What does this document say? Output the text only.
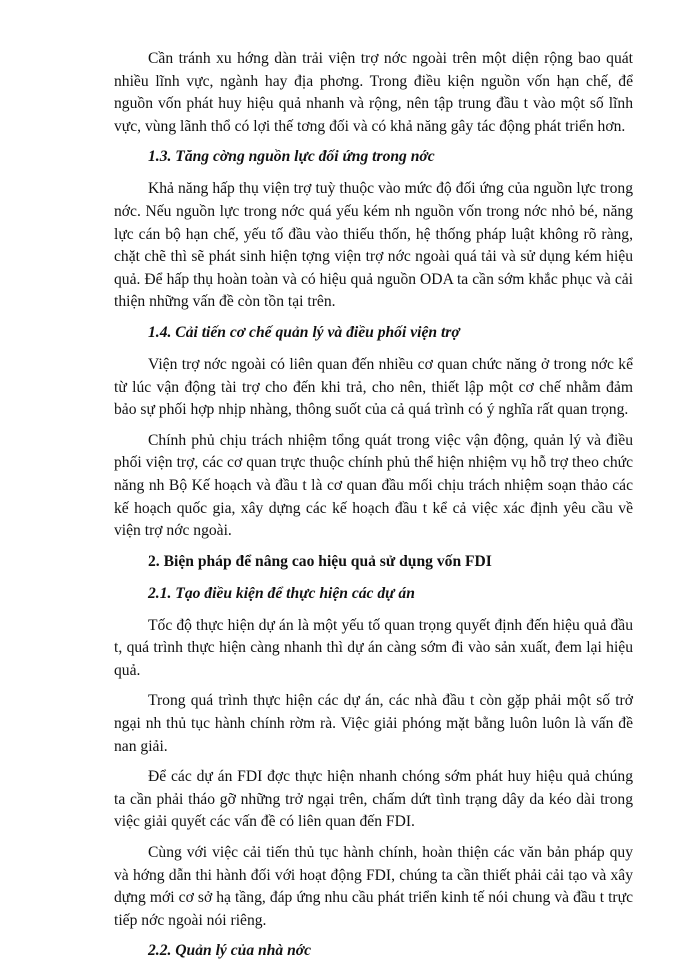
Cần tránh xu hớng dàn trải viện trợ nớc ngoài trên một diện rộng bao quát nhiều lĩnh vực, ngành hay địa phơng. Trong điều kiện nguồn vốn hạn chế, để nguồn vốn phát huy hiệu quả nhanh và rộng, nên tập trung đầu t vào một số lĩnh vực, vùng lãnh thổ có lợi thế tơng đối và có khả năng gây tác động phát triển hơn.

1.3. Tăng cờng nguồn lực đối ứng trong nớc

Khả năng hấp thụ viện trợ tuỳ thuộc vào mức độ đối ứng của nguồn lực trong nớc. Nếu nguồn lực trong nớc quá yếu kém nh nguồn vốn trong nớc nhỏ bé, năng lực cán bộ hạn chế, yếu tố đầu vào thiếu thốn, hệ thống pháp luật không rõ ràng, chặt chẽ thì sẽ phát sinh hiện tợng viện trợ nớc ngoài quá tải và sử dụng kém hiệu quả. Để hấp thụ hoàn toàn và có hiệu quả nguồn ODA ta cần sớm khắc phục và cải thiện những vấn đề còn tồn tại trên.

1.4. Cải tiến cơ chế quản lý và điều phối viện trợ

Viện trợ nớc ngoài có liên quan đến nhiều cơ quan chức năng ở trong nớc kể từ lúc vận động tài trợ cho đến khi trả, cho nên, thiết lập một cơ chế nhằm đảm bảo sự phối hợp nhịp nhàng, thông suốt của cả quá trình có ý nghĩa rất quan trọng.

Chính phủ chịu trách nhiệm tổng quát trong việc vận động, quản lý và điều phối viện trợ, các cơ quan trực thuộc chính phủ thể hiện nhiệm vụ hỗ trợ theo chức năng nh Bộ Kế hoạch và đầu t là cơ quan đầu mối chịu trách nhiệm soạn thảo các kế hoạch quốc gia, xây dựng các kế hoạch đầu t kể cả việc xác định yêu cầu về viện trợ nớc ngoài.

2. Biện pháp để nâng cao hiệu quả sử dụng vốn FDI

2.1. Tạo điều kiện để thực hiện các dự án

Tốc độ thực hiện dự án là một yếu tố quan trọng quyết định đến hiệu quả đầu t, quá trình thực hiện càng nhanh thì dự án càng sớm đi vào sản xuất, đem lại hiệu quả.

Trong quá trình thực hiện các dự án, các nhà đầu t còn gặp phải một số trở ngại nh thủ tục hành chính rờm rà. Việc giải phóng mặt bằng luôn luôn là vấn đề nan giải.

Để các dự án FDI đợc thực hiện nhanh chóng sớm phát huy hiệu quả chúng ta cần phải tháo gỡ những trở ngại trên, chấm dứt tình trạng dây da kéo dài trong việc giải quyết các vấn đề có liên quan đến FDI.

Cùng với việc cải tiến thủ tục hành chính, hoàn thiện các văn bản pháp quy và hớng dẫn thi hành đối với hoạt động FDI, chúng ta cần thiết phải cải tạo và xây dựng mới cơ sở hạ tầng, đáp ứng nhu cầu phát triển kinh tế nói chung và đầu t trực tiếp nớc ngoài nói riêng.

2.2. Quản lý của nhà nớc
